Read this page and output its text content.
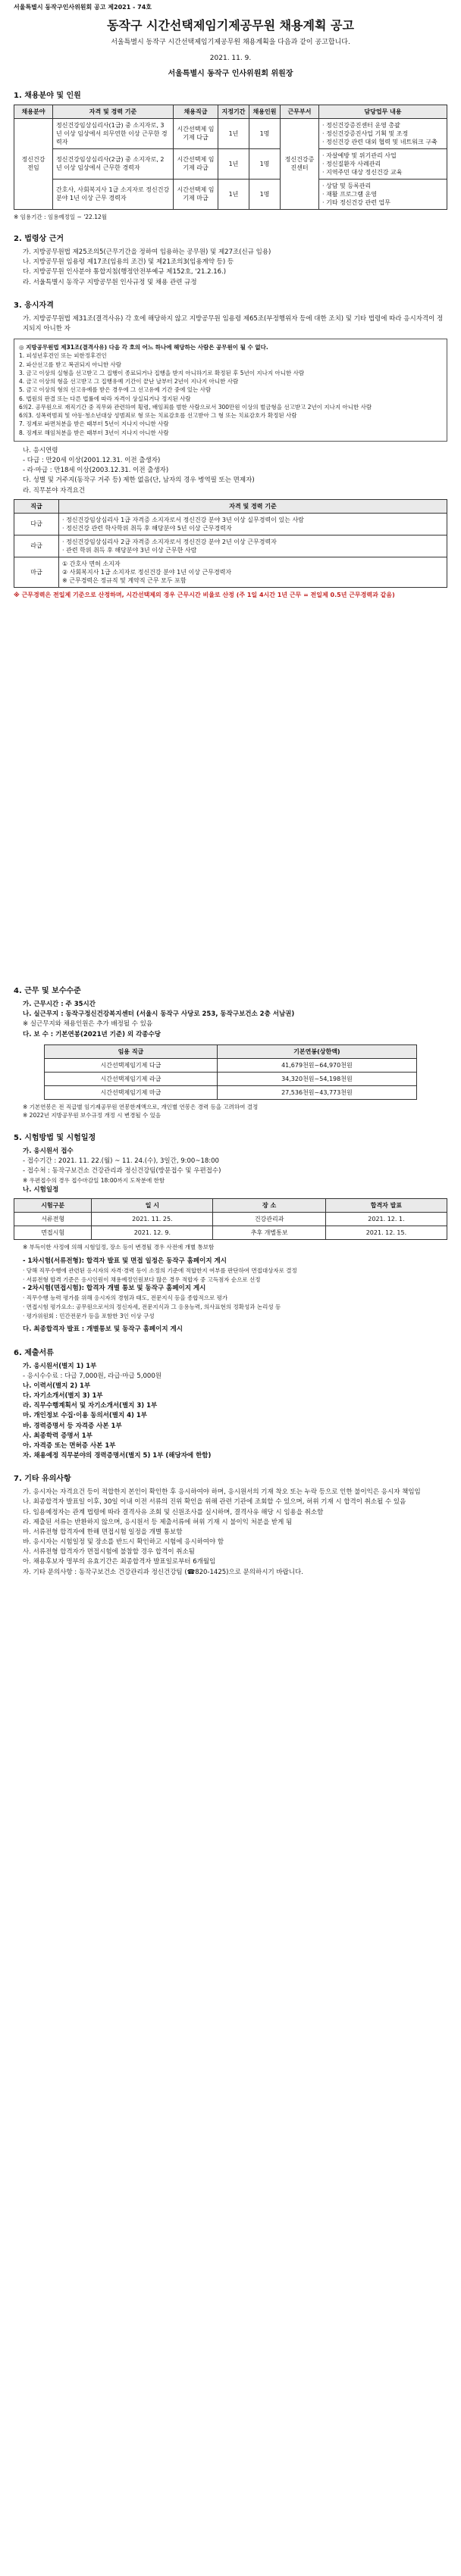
서울특별시 동작구인사위원회 공고 제2021 - 74호
동작구 시간선택제임기제공무원 채용계획 공고
서울특별시 동작구 시간선택제임기제공무원 채용계획을 다음과 같이 공고합니다.
2021. 11. 9.
서울특별시 동작구 인사위원회 위원장
1. 채용분야 및 인원
채용분야	자격 및 경력 기준	채용직급	지정기간	채용인원	근무부서	담당업무 내용
정신건강
전임	정신건강임상심리사(1급) 중 소지자로, 3년 이상 임상에서 의무연한 이상 근무한 경력자	시간선택제 임기제 다급	1년	1명	정신건강증진센터	· 정신건강증진센터 운영 총괄
· 정신건강증진사업 기획 및 조정
· 정신건강 관련 대외 협력 및 네트워크 구축
	정신건강임상심리사(2급) 중 소지자로, 2년 이상 임상에서 근무한 경력자	시간선택제 임기제 라급	1년	1명		· 자살예방 및 위기관리 사업
· 정신질환자 사례관리
· 지역주민 대상 정신건강 교육
	간호사, 사회복지사 1급 소지자로 정신건강 분야 1년 이상 근무 경력자	시간선택제 임기제 마급	1년	1명		· 상담 및 등록관리
· 재활 프로그램 운영
· 기타 정신건강 관련 업무

※ 임용기간 : 임용예정일 ~ '22.12월

2. 법령상 근거

가. 지방공무원법 제25조의5(근무기간을 정하여 임용하는 공무원) 및 제27조(신규 임용)

나. 지방공무원 임용령 제17조(임용의 조건) 및 제21조의3(임용계약 등) 등

다. 지방공무원 인사분야 통합지침(행정안전부예규 제152호, '21.2.16.)

라. 서울특별시 동작구 지방공무원 인사규정 및 채용 관련 규정

3. 응시자격

가. 지방공무원법 제31조(결격사유) 각 호에 해당하지 않고 지방공무원 임용령 제65조(부정행위자 등에 대한 조치) 및 기타 법령에 따라 응시자격이 정지되지 아니한 자

◎ 지방공무원법 제31조(결격사유) 다음 각 호의 어느 하나에 해당하는 사람은 공무원이 될 수 없다.
1. 피성년후견인 또는 피한정후견인
2. 파산선고를 받고 복권되지 아니한 사람
3. 금고 이상의 실형을 선고받고 그 집행이 종료되거나 집행을 받지 아니하기로 확정된 후 5년이 지나지 아니한 사람
4. 금고 이상의 형을 선고받고 그 집행유예 기간이 끝난 날부터 2년이 지나지 아니한 사람
5. 금고 이상의 형의 선고유예를 받은 경우에 그 선고유예 기간 중에 있는 사람
6. 법원의 판결 또는 다른 법률에 따라 자격이 상실되거나 정지된 사람
6의2. 공무원으로 재직기간 중 직무와 관련하여 횡령, 배임죄를 범한 사람으로서 300만원 이상의 벌금형을 선고받고 2년이 지나지 아니한 사람
6의3. 성폭력범죄 및 아동·청소년대상 성범죄로 형 또는 치료감호를 선고받아 그 형 또는 치료감호가 확정된 사람
7. 징계로 파면처분을 받은 때부터 5년이 지나지 아니한 사람
8. 징계로 해임처분을 받은 때부터 3년이 지나지 아니한 사람

나. 응시연령

- 다급 : 만20세 이상(2001.12.31. 이전 출생자)

- 라·마급 : 만18세 이상(2003.12.31. 이전 출생자)

다. 성별 및 거주지(동작구 거주 등) 제한 없음(단, 남자의 경우 병역필 또는 면제자)

라. 직무분야 자격요건

직급	자격 및 경력 기준
다급	· 정신건강임상심리사 1급 자격증 소지자로서 정신건강 분야 3년 이상 실무경력이 있는 사람
· 정신건강 관련 학사학위 취득 후 해당분야 5년 이상 근무경력자
라급	· 정신건강임상심리사 2급 자격증 소지자로서 정신건강 분야 2년 이상 근무경력자
· 관련 학위 취득 후 해당분야 3년 이상 근무한 사람
마급	① 간호사 면허 소지자
② 사회복지사 1급 소지자로 정신건강 분야 1년 이상 근무경력자
※ 근무경력은 정규직 및 계약직 근무 모두 포함

※ 근무경력은 전일제 기준으로 산정하며, 시간선택제의 경우 근무시간 비율로 산정 (주 1일 4시간 1년 근무 = 전일제 0.5년 근무경력과 같음)

4. 근무 및 보수수준

가. 근무시간 : 주 35시간

나. 실근무지 : 동작구정신건강복지센터 (서울시 동작구 사당로 253, 동작구보건소 2층 서남권)

※ 실근무지와 채용인원은 추가 배정될 수 있음

다. 보 수 : 기본연봉(2021년 기준) 외 각종수당

임용 직급	기본연봉(상한액)
시간선택제임기제 다급	41,679천원~64,970천원
시간선택제임기제 라급	34,320천원~54,198천원
시간선택제임기제 마급	27,536천원~43,773천원

※ 기본연봉은 전 직급별 임기제공무원 연봉한계액으로, 개인별 연봉은 경력 등을 고려하여 결정

※ 2022년 지방공무원 보수규정 개정 시 변경될 수 있음

5. 시험방법 및 시험일정

가. 응시원서 접수

- 접수기간 : 2021. 11. 22.(월) ~ 11. 24.(수), 3일간, 9:00~18:00

- 접수처 : 동작구보건소 건강관리과 정신건강팀(방문접수 및 우편접수)

※ 우편접수의 경우 접수마감일 18:00까지 도착분에 한함

나. 시험일정

시험구분	일 시	장 소	합격자 발표
서류전형	2021. 11. 25.	건강관리과	2021. 12. 1.
면접시험	2021. 12. 9.	추후 개별통보	2021. 12. 15.

※ 부득이한 사정에 의해 시험일정, 장소 등이 변경될 경우 사전에 개별 통보함

- 1차시험(서류전형): 합격자 발표 및 면접 일정은 동작구 홈페이지 게시

· 당해 직무수행에 관련된 응시자의 자격·경력 등이 소정의 기준에 적합한지 여부를 판단하여 면접대상자로 결정

· 서류전형 합격 기준은 응시인원이 채용예정인원보다 많은 경우 적합자 중 고득점자 순으로 선정

- 2차시험(면접시험): 합격자 개별 통보 및 동작구 홈페이지 게시

· 직무수행 능력 평가를 위해 응시자의 경험과 태도, 전문지식 등을 종합적으로 평가

· 면접시험 평가요소: 공무원으로서의 정신자세, 전문지식과 그 응용능력, 의사표현의 정확성과 논리성 등

· 평가위원회 : 민간전문가 등을 포함한 3인 이상 구성

다. 최종합격자 발표 : 개별통보 및 동작구 홈페이지 게시

6. 제출서류

가. 응시원서(별지 1) 1부

- 응시수수료 : 다급 7,000원, 라급·마급 5,000원

나. 이력서(별지 2) 1부

다. 자기소개서(별지 3) 1부

라. 직무수행계획서 및 자기소개서(별지 3) 1부

마. 개인정보 수집·이용 동의서(별지 4) 1부

바. 경력증명서 등 자격증 사본 1부

사. 최종학력 증명서 1부

아. 자격증 또는 면허증 사본 1부

자. 채용예정 직무분야의 경력증명서(별지 5) 1부 (해당자에 한함)

7. 기타 유의사항

가. 응시자는 자격요건 등이 적합한지 본인이 확인한 후 응시하여야 하며, 응시원서의 기재 착오 또는 누락 등으로 인한 불이익은 응시자 책임임

나. 최종합격자 발표일 이후, 30일 이내 이전 서류의 진위 확인을 위해 관련 기관에 조회할 수 있으며, 허위 기재 시 합격이 취소될 수 있음

다. 임용예정자는 관계 법령에 따라 결격사유 조회 및 신원조사를 실시하며, 결격사유 해당 시 임용을 취소함

라. 제출된 서류는 반환하지 않으며, 응시원서 등 제출서류에 허위 기재 시 불이익 처분을 받게 됨

마. 서류전형 합격자에 한해 면접시험 일정을 개별 통보함

바. 응시자는 시험일정 및 장소를 반드시 확인하고 시험에 응시하여야 함

사. 서류전형 합격자가 면접시험에 불참할 경우 합격이 취소됨

아. 채용후보자 명부의 유효기간은 최종합격자 발표일로부터 6개월임

자. 기타 문의사항 : 동작구보건소 건강관리과 정신건강팀 (☎820-1425)으로 문의하시기 바랍니다.
